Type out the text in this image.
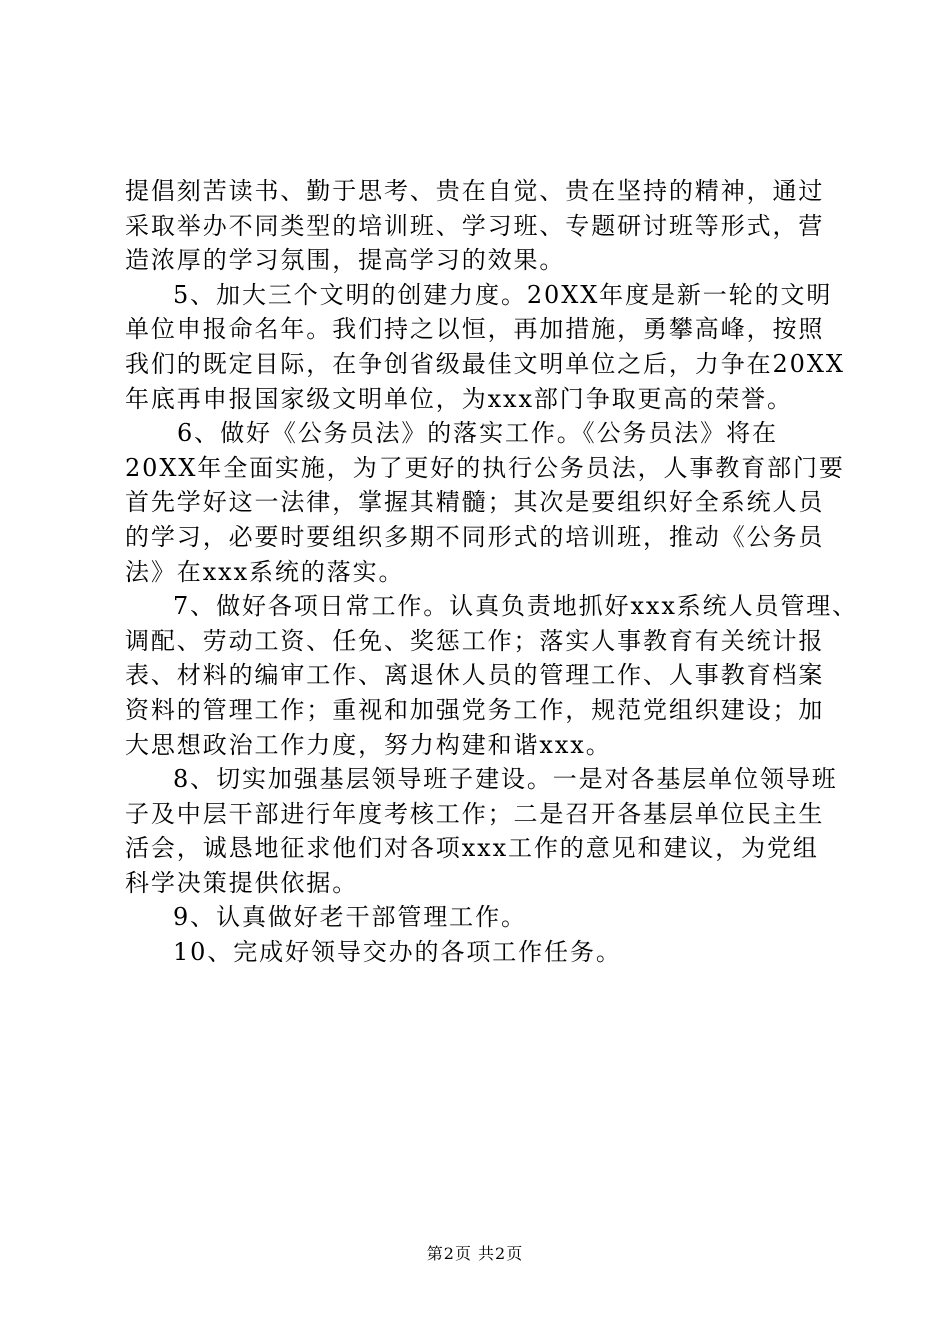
提倡刻苦读书、勤于思考、贵在自觉、贵在坚持的精神，通过
采取举办不同类型的培训班、学习班、专题研讨班等形式，营
造浓厚的学习氛围，提高学习的效果。
5、加大三个文明的创建力度。20XX年度是新一轮的文明
单位申报命名年。我们持之以恒，再加措施，勇攀高峰，按照
我们的既定目际，在争创省级最佳文明单位之后，力争在20XX
年底再申报国家级文明单位，为xxx部门争取更高的荣誉。
6、做好《公务员法》的落实工作。《公务员法》将在
20XX年全面实施，为了更好的执行公务员法，人事教育部门要
首先学好这一法律，掌握其精髓；其次是要组织好全系统人员
的学习，必要时要组织多期不同形式的培训班，推动《公务员
法》在xxx系统的落实。
7、做好各项日常工作。认真负责地抓好xxx系统人员管理、
调配、劳动工资、任免、奖惩工作；落实人事教育有关统计报
表、材料的编审工作、离退休人员的管理工作、人事教育档案
资料的管理工作；重视和加强党务工作，规范党组织建设；加
大思想政治工作力度，努力构建和谐xxx。
8、切实加强基层领导班子建设。一是对各基层单位领导班
子及中层干部进行年度考核工作；二是召开各基层单位民主生
活会，诚恳地征求他们对各项xxx工作的意见和建议，为党组
科学决策提供依据。
9、认真做好老干部管理工作。
10、完成好领导交办的各项工作任务。
第2页 共2页
